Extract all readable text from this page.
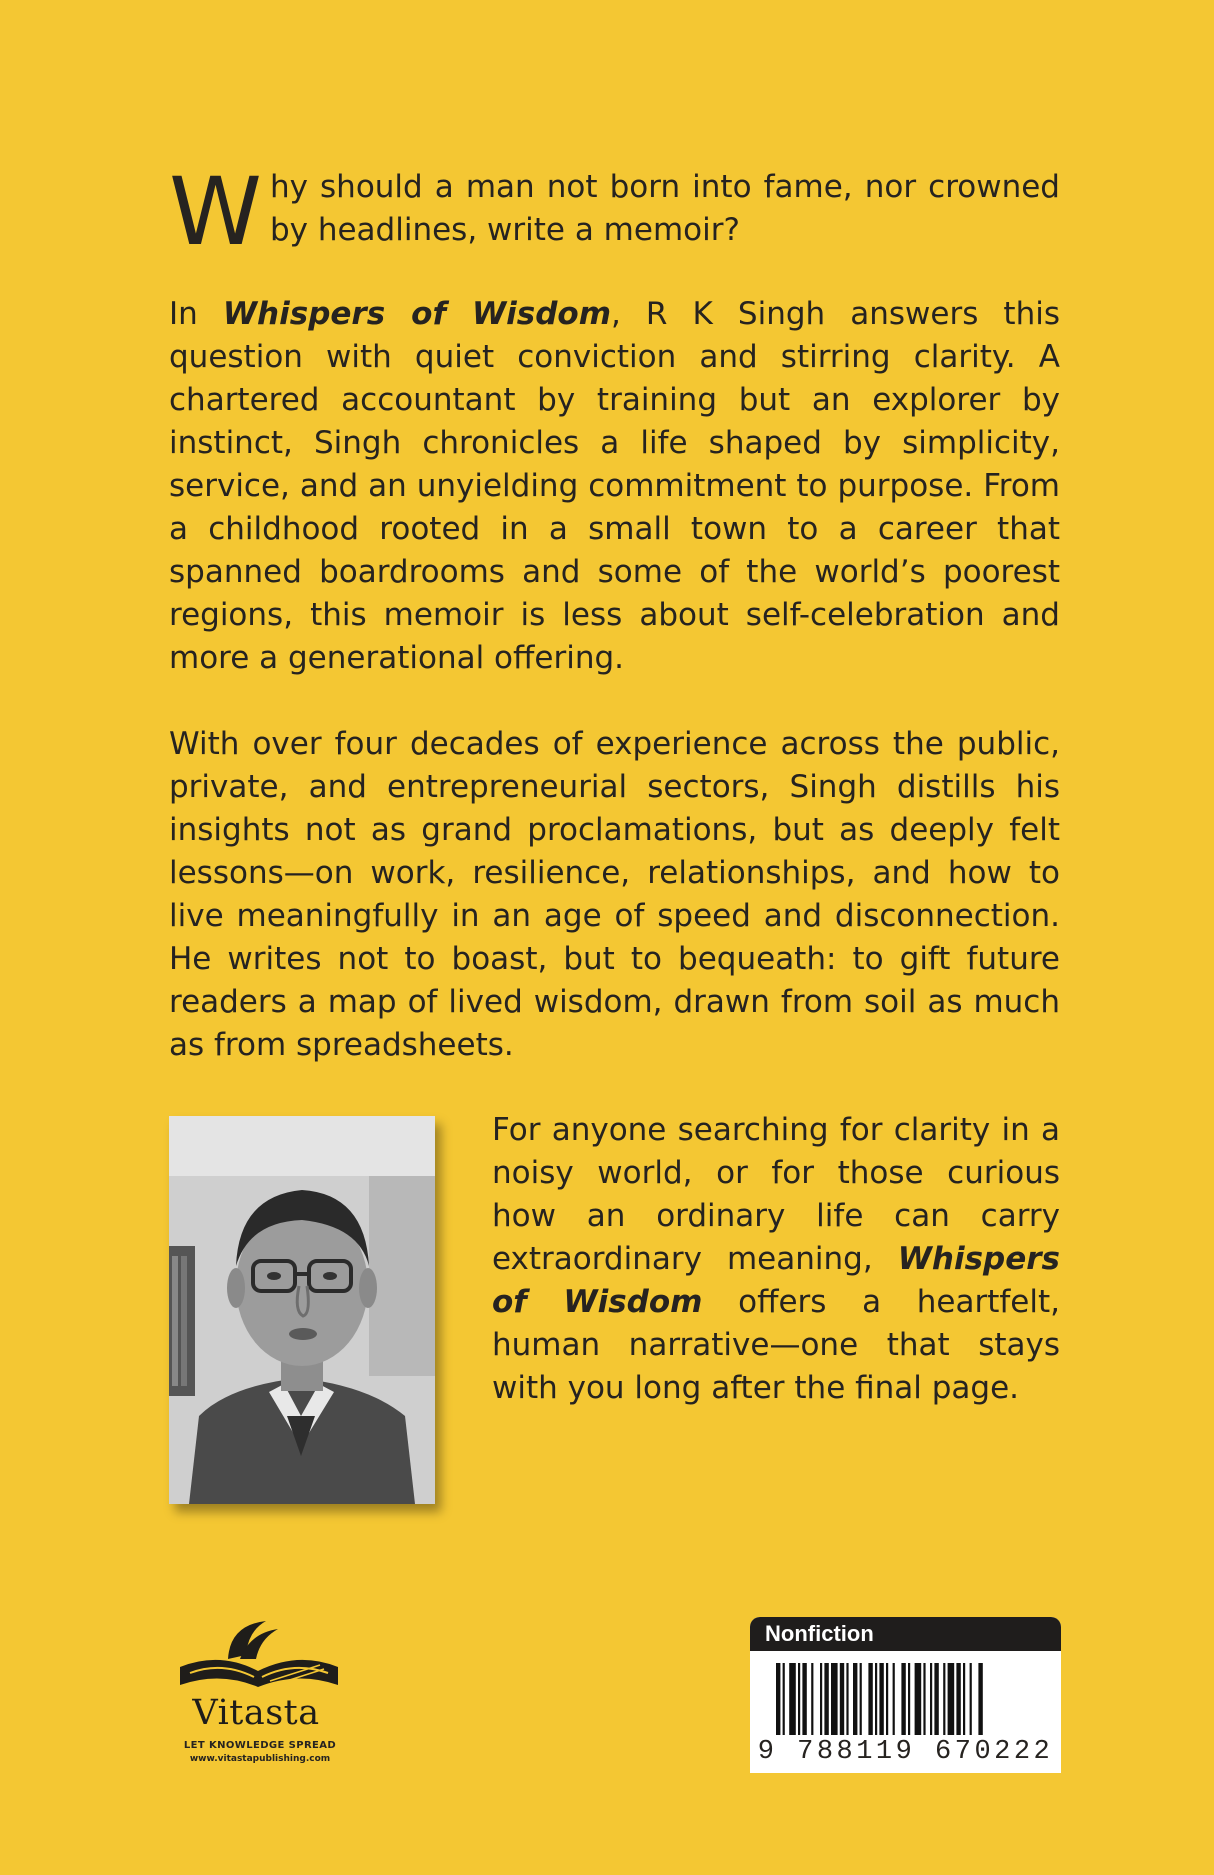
Why should a man not born into fame, nor crowned by headlines, write a memoir?
In Whispers of Wisdom, R K Singh answers this question with quiet conviction and stirring clarity. A chartered accountant by training but an explorer by instinct, Singh chronicles a life shaped by simplicity, service, and an unyielding commitment to purpose. From a childhood rooted in a small town to a career that spanned boardrooms and some of the world’s poorest regions, this memoir is less about self-celebration and more a generational offering.
With over four decades of experience across the public, private, and entrepreneurial sectors, Singh distills his insights not as grand proclamations, but as deeply felt lessons—on work, resilience, relationships, and how to live meaningfully in an age of speed and disconnection. He writes not to boast, but to bequeath: to gift future readers a map of lived wisdom, drawn from soil as much as from spreadsheets.
For anyone searching for clarity in a noisy world, or for those curious how an ordinary life can carry extraordinary meaning, Whispers of Wisdom offers a heartfelt, human narrative—one that stays with you long after the final page.
Vitasta
LET KNOWLEDGE SPREAD
www.vitastapublishing.com
Nonfiction
9 788119 670222
